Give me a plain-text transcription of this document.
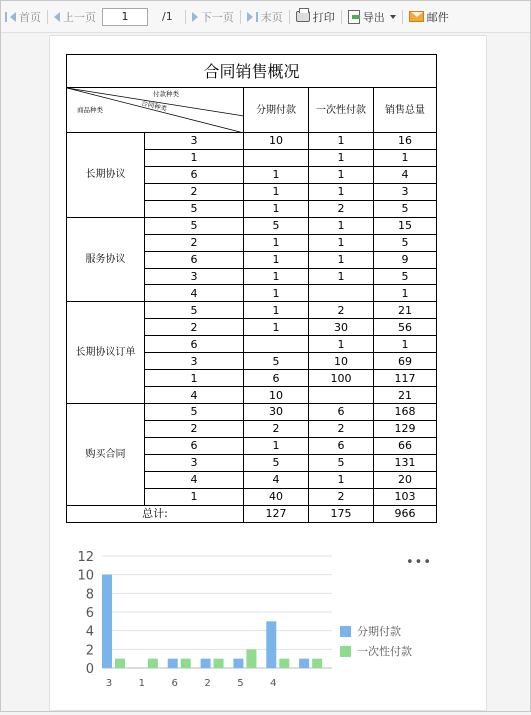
首页 上一页
1	/1	下一页 末页	打印	导出	邮件
合同销售概况				

付款种类
合同种类
商品种类		分期付款	一次性付款	销售总量
长期协议	3	10	1	16
	1		1	1
	6	1	1	4
	2	1	1	3
	5	1	2	5
服务协议	5	5	1	15
	2	1	1	5
	6	1	1	9
	3	1	1	5
	4	1		1
长期协议订单	5	1	2	21
	2	1	30	56
	6		1	1
	3	5	10	69
	1	6	100	117
	4	10		21
购买合同	5	30	6	168
	2	2	2	129
	6	1	6	66
	3	5	5	131
	4	4	1	20
	1	40	2	103
总计:		127	175	966
0
2
4
6
8
10
12
3	1	6	2	5	4
•••
分期付款
一次性付款
